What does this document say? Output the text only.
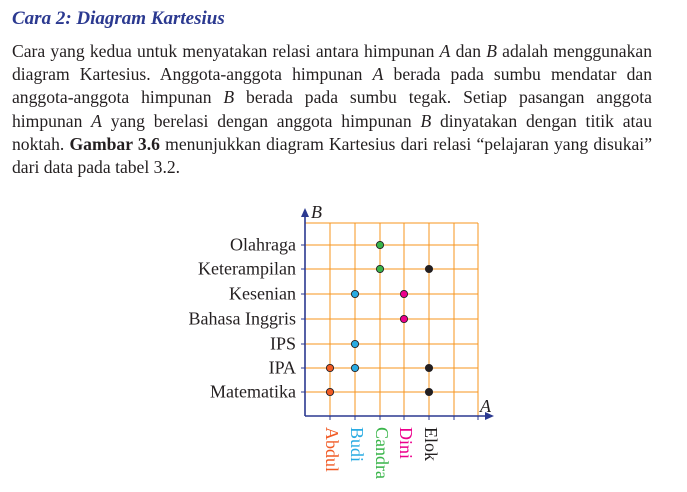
Cara 2: Diagram Kartesius
Cara yang kedua untuk menyatakan relasi antara himpunan A dan B adalah menggunakan diagram Kartesius. Anggota-anggota himpunan A berada pada sumbu mendatar dan anggota-anggota himpunan B berada pada sumbu tegak. Setiap pasangan anggota himpunan A yang berelasi dengan anggota himpunan B dinyatakan dengan titik atau noktah. Gambar 3.6 menunjukkan diagram Kartesius dari relasi “pelajaran yang disukai” dari data pada tabel 3.2.
B
A
Matematika
IPA
IPS
Bahasa Inggris
Kesenian
Keterampilan
Olahraga
Abdul Budi Candra Dini Elok
